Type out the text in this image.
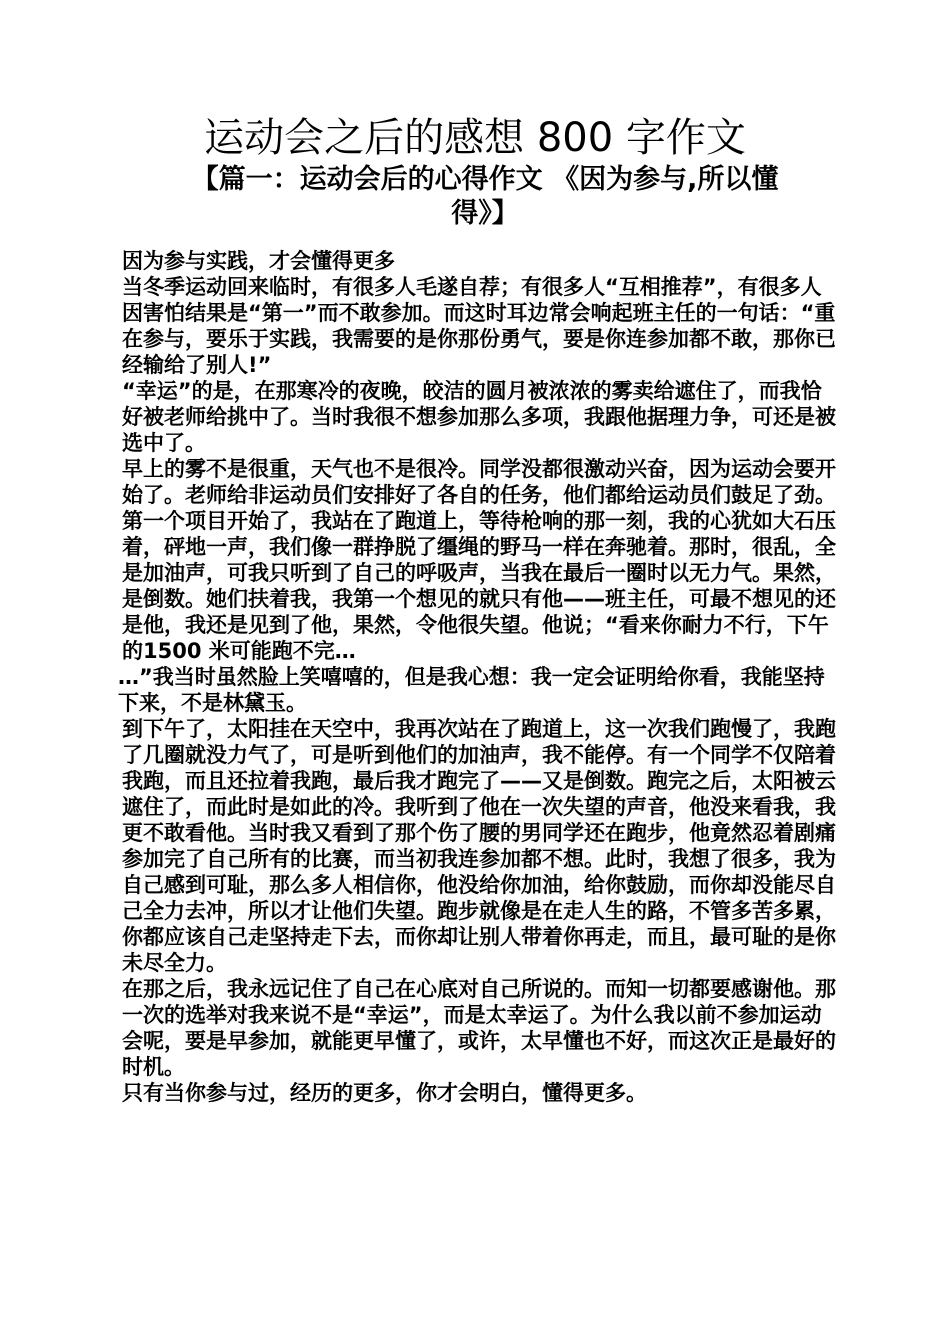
运动会之后的感想 800 字作文
【篇一：运动会后的心得作文 《因为参与,所以懂得》】

因为参与实践，才会懂得更多

当冬季运动回来临时，有很多人毛遂自荐；有很多人“互相推荐”，有很多人因害怕结果是“第一”而不敢参加。而这时耳边常会响起班主任的一句话：“重在参与，要乐于实践，我需要的是你那份勇气，要是你连参加都不敢，那你已经输给了别人!”

“幸运”的是，在那寒冷的夜晚，皎洁的圆月被浓浓的雾卖给遮住了，而我恰好被老师给挑中了。当时我很不想参加那么多项，我跟他据理力争，可还是被选中了。

早上的雾不是很重，天气也不是很冷。同学没都很激动兴奋，因为运动会要开始了。老师给非运动员们安排好了各自的任务，他们都给运动员们鼓足了劲。第一个项目开始了，我站在了跑道上，等待枪响的那一刻，我的心犹如大石压着，砰地一声，我们像一群挣脱了缰绳的野马一样在奔驰着。那时，很乱，全是加油声，可我只听到了自己的呼吸声，当我在最后一圈时以无力气。果然，是倒数。她们扶着我，我第一个想见的就只有他——班主任，可最不想见的还是他，我还是见到了他，果然，令他很失望。他说；“看来你耐力不行，下午的1500 米可能跑不完…

…”我当时虽然脸上笑嘻嘻的，但是我心想：我一定会证明给你看，我能坚持下来，不是林黛玉。

到下午了，太阳挂在天空中，我再次站在了跑道上，这一次我们跑慢了，我跑了几圈就没力气了，可是听到他们的加油声，我不能停。有一个同学不仅陪着我跑，而且还拉着我跑，最后我才跑完了——又是倒数。跑完之后，太阳被云遮住了，而此时是如此的冷。我听到了他在一次失望的声音，他没来看我，我更不敢看他。当时我又看到了那个伤了腰的男同学还在跑步，他竟然忍着剧痛参加完了自己所有的比赛，而当初我连参加都不想。此时，我想了很多，我为自己感到可耻，那么多人相信你，他没给你加油，给你鼓励，而你却没能尽自己全力去冲，所以才让他们失望。跑步就像是在走人生的路，不管多苦多累，你都应该自己走坚持走下去，而你却让别人带着你再走，而且，最可耻的是你未尽全力。

在那之后，我永远记住了自己在心底对自己所说的。而知一切都要感谢他。那一次的选举对我来说不是“幸运”，而是太幸运了。为什么我以前不参加运动会呢，要是早参加，就能更早懂了，或许，太早懂也不好，而这次正是最好的时机。

只有当你参与过，经历的更多，你才会明白，懂得更多。
